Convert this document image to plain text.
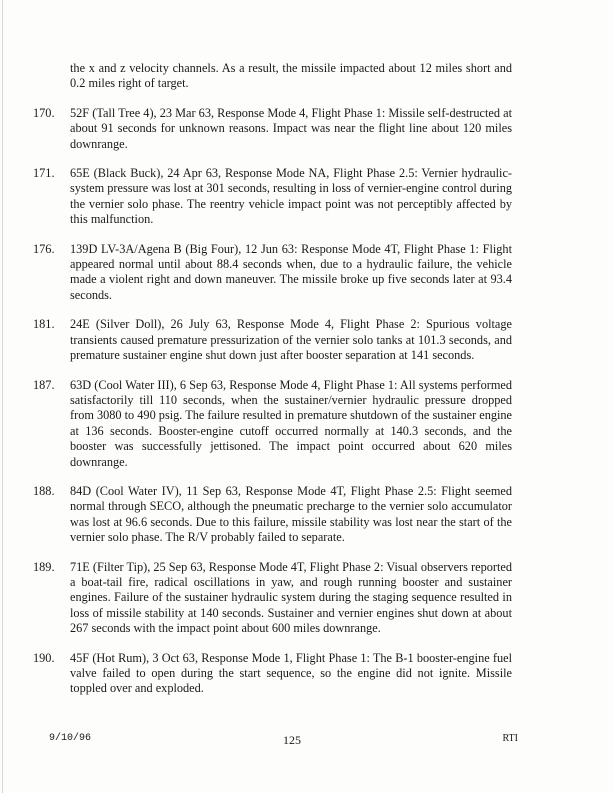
the x and z velocity channels. As a result, the missile impacted about 12 miles short and 0.2 miles right of target.

170. 52F (Tall Tree 4), 23 Mar 63, Response Mode 4, Flight Phase 1: Missile self-destructed at about 91 seconds for unknown reasons. Impact was near the flight line about 120 miles downrange.
171. 65E (Black Buck), 24 Apr 63, Response Mode NA, Flight Phase 2.5: Vernier hydraulic-system pressure was lost at 301 seconds, resulting in loss of vernier-engine control during the vernier solo phase. The reentry vehicle impact point was not perceptibly affected by this malfunction.
176. 139D LV-3A/Agena B (Big Four), 12 Jun 63: Response Mode 4T, Flight Phase 1: Flight appeared normal until about 88.4 seconds when, due to a hydraulic failure, the vehicle made a violent right and down maneuver. The missile broke up five seconds later at 93.4 seconds.
181. 24E (Silver Doll), 26 July 63, Response Mode 4, Flight Phase 2: Spurious voltage transients caused premature pressurization of the vernier solo tanks at 101.3 seconds, and premature sustainer engine shut down just after booster separation at 141 seconds.
187. 63D (Cool Water III), 6 Sep 63, Response Mode 4, Flight Phase 1: All systems performed satisfactorily till 110 seconds, when the sustainer/vernier hydraulic pressure dropped from 3080 to 490 psig. The failure resulted in premature shutdown of the sustainer engine at 136 seconds. Booster-engine cutoff occurred normally at 140.3 seconds, and the booster was successfully jettisoned. The impact point occurred about 620 miles downrange.
188. 84D (Cool Water IV), 11 Sep 63, Response Mode 4T, Flight Phase 2.5: Flight seemed normal through SECO, although the pneumatic precharge to the vernier solo accumulator was lost at 96.6 seconds. Due to this failure, missile stability was lost near the start of the vernier solo phase. The R/V probably failed to separate.
189. 71E (Filter Tip), 25 Sep 63, Response Mode 4T, Flight Phase 2: Visual observers reported a boat-tail fire, radical oscillations in yaw, and rough running booster and sustainer engines. Failure of the sustainer hydraulic system during the staging sequence resulted in loss of missile stability at 140 seconds. Sustainer and vernier engines shut down at about 267 seconds with the impact point about 600 miles downrange.
190. 45F (Hot Rum), 3 Oct 63, Response Mode 1, Flight Phase 1: The B-1 booster-engine fuel valve failed to open during the start sequence, so the engine did not ignite. Missile toppled over and exploded.
9/10/96	125	RTI
